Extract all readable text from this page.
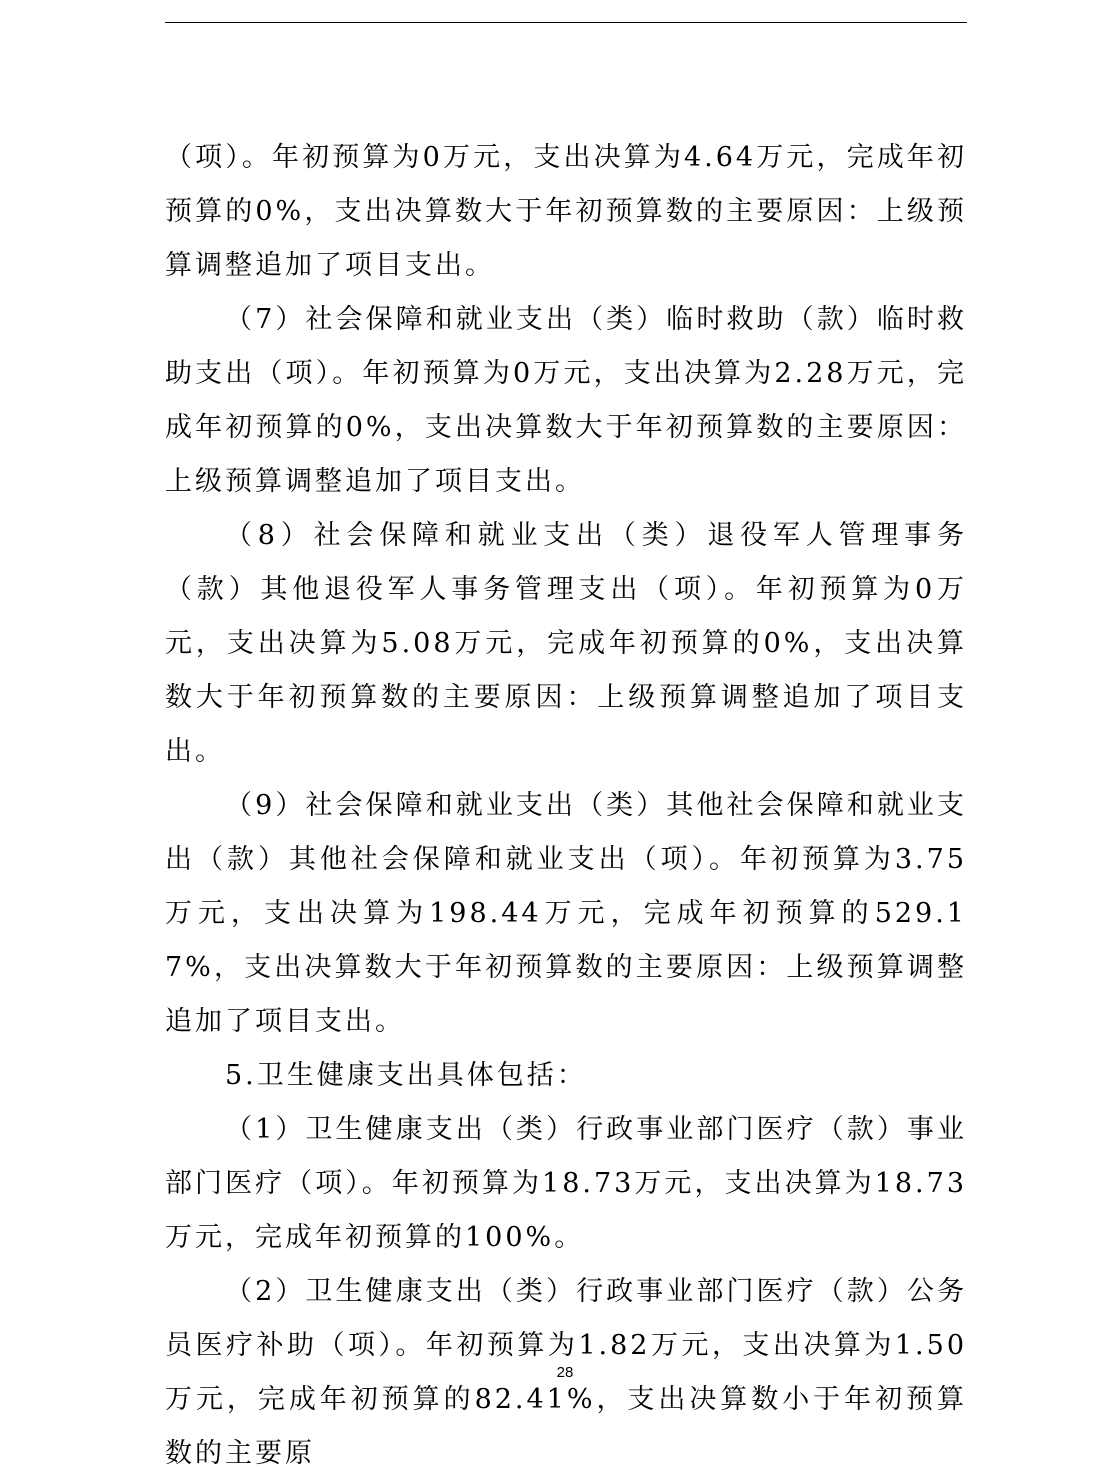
（项）。年初预算为0万元，支出决算为4.64万元，完成年初预算的0%，支出决算数大于年初预算数的主要原因：上级预算调整追加了项目支出。

（7）社会保障和就业支出（类）临时救助（款）临时救助支出（项）。年初预算为0万元，支出决算为2.28万元，完成年初预算的0%，支出决算数大于年初预算数的主要原因：上级预算调整追加了项目支出。

（8）社会保障和就业支出（类）退役军人管理事务（款）其他退役军人事务管理支出（项）。年初预算为0万元，支出决算为5.08万元，完成年初预算的0%，支出决算数大于年初预算数的主要原因：上级预算调整追加了项目支出。

（9）社会保障和就业支出（类）其他社会保障和就业支出（款）其他社会保障和就业支出（项）。年初预算为3.75 万元，支出决算为198.44万元，完成年初预算的529.17%，支出决算数大于年初预算数的主要原因：上级预算调整追加了项目支出。

5.卫生健康支出具体包括：

（1）卫生健康支出（类）行政事业部门医疗（款）事业部门医疗（项）。年初预算为18.73万元，支出决算为18.73万元，完成年初预算的100%。

（2）卫生健康支出（类）行政事业部门医疗（款）公务员医疗补助（项）。年初预算为1.82万元，支出决算为1.50万元，完成年初预算的82.41%，支出决算数小于年初预算数的主要原

28
